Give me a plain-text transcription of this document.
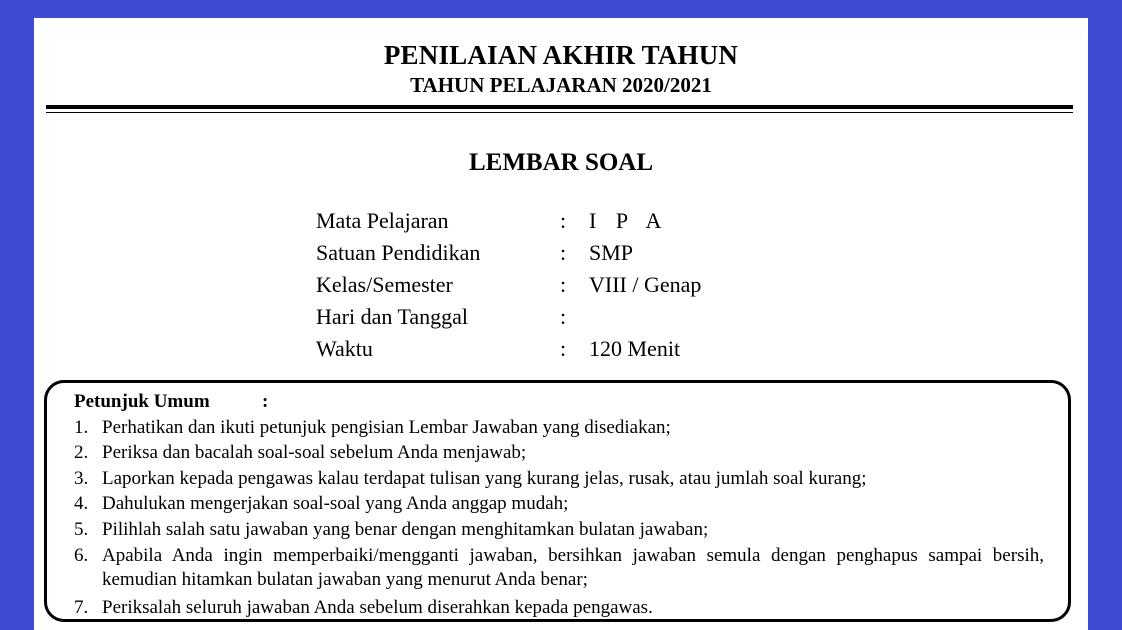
PENILAIAN AKHIR TAHUN
TAHUN PELAJARAN 2020/2021
LEMBAR SOAL
Mata Pelajaran	: I P A
Satuan Pendidikan	: SMP
Kelas/Semester	: VIII / Genap
Hari dan Tanggal	:
Waktu	: 120 Menit
Petunjuk Umum	:
1. Perhatikan dan ikuti petunjuk pengisian Lembar Jawaban yang disediakan;
2. Periksa dan bacalah soal-soal sebelum Anda menjawab;
3. Laporkan kepada pengawas kalau terdapat tulisan yang kurang jelas, rusak, atau jumlah soal kurang;
4. Dahulukan mengerjakan soal-soal yang Anda anggap mudah;
5. Pilihlah salah satu jawaban yang benar dengan menghitamkan bulatan jawaban;
6. Apabila Anda ingin memperbaiki/mengganti jawaban, bersihkan jawaban semula dengan penghapus sampai bersih, kemudian hitamkan bulatan jawaban yang menurut Anda benar;
7. Periksalah seluruh jawaban Anda sebelum diserahkan kepada pengawas.
